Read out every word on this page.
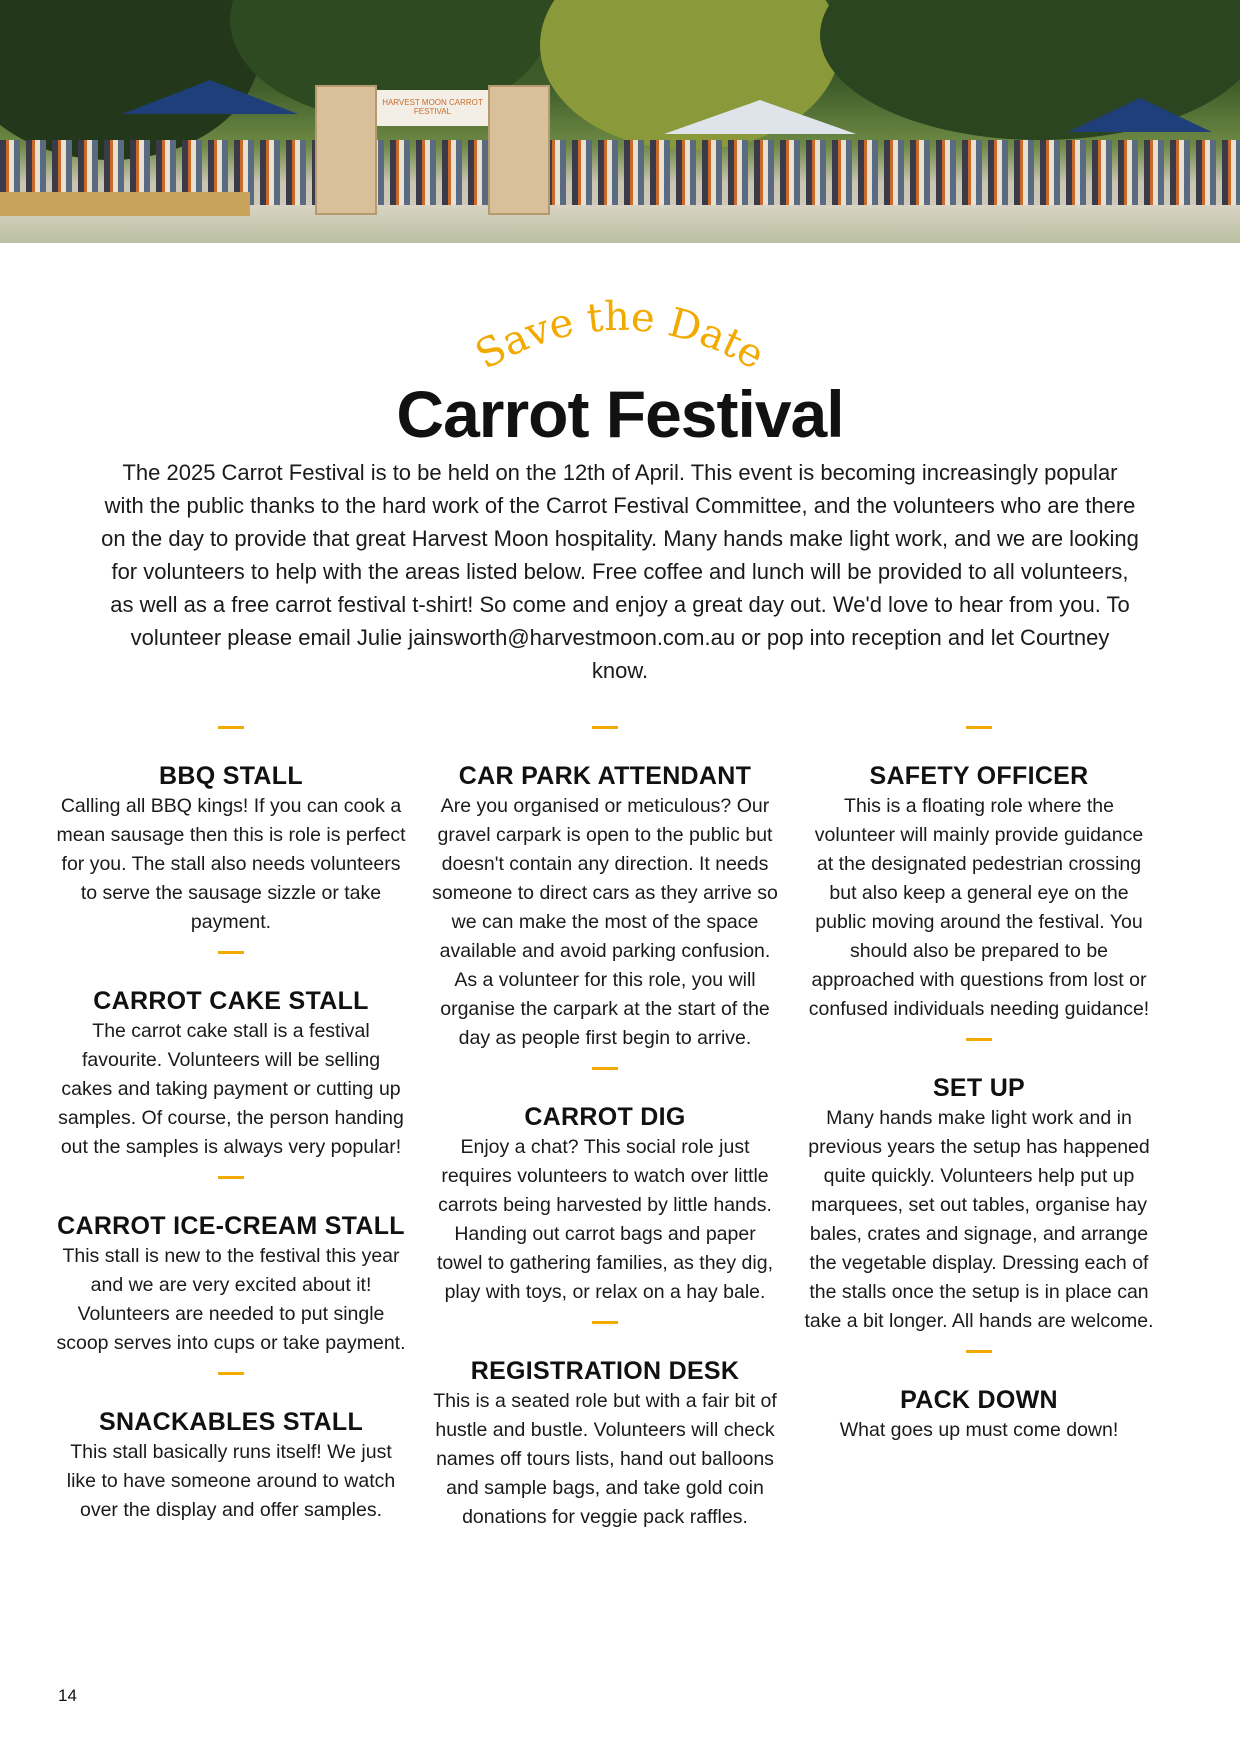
HARVEST MOON CARROT FESTIVAL
Save the Date
Carrot Festival

The 2025 Carrot Festival is to be held on the 12th of April. This event is becoming increasingly popular with the public thanks to the hard work of the Carrot Festival Committee, and the volunteers who are there on the day to provide that great Harvest Moon hospitality. Many hands make light work, and we are looking for volunteers to help with the areas listed below. Free coffee and lunch will be provided to all volunteers, as well as a free carrot festival t-shirt! So come and enjoy a great day out. We'd love to hear from you. To volunteer please email Julie jainsworth@harvestmoon.com.au or pop into reception and let Courtney know.

BBQ STALL

Calling all BBQ kings! If you can cook a mean sausage then this is role is perfect for you. The stall also needs volunteers to serve the sausage sizzle or take payment.

CARROT CAKE STALL

The carrot cake stall is a festival favourite. Volunteers will be selling cakes and taking payment or cutting up samples. Of course, the person handing out the samples is always very popular!

CARROT ICE-CREAM STALL

This stall is new to the festival this year and we are very excited about it! Volunteers are needed to put single scoop serves into cups or take payment.

SNACKABLES STALL

This stall basically runs itself! We just like to have someone around to watch over the display and offer samples.

CAR PARK ATTENDANT

Are you organised or meticulous? Our gravel carpark is open to the public but doesn't contain any direction. It needs someone to direct cars as they arrive so we can make the most of the space available and avoid parking confusion. As a volunteer for this role, you will organise the carpark at the start of the day as people first begin to arrive.

CARROT DIG

Enjoy a chat? This social role just requires volunteers to watch over little carrots being harvested by little hands. Handing out carrot bags and paper towel to gathering families, as they dig, play with toys, or relax on a hay bale.

REGISTRATION DESK

This is a seated role but with a fair bit of hustle and bustle. Volunteers will check names off tours lists, hand out balloons and sample bags, and take gold coin donations for veggie pack raffles.

SAFETY OFFICER

This is a floating role where the volunteer will mainly provide guidance at the designated pedestrian crossing but also keep a general eye on the public moving around the festival. You should also be prepared to be approached with questions from lost or confused individuals needing guidance!

SET UP

Many hands make light work and in previous years the setup has happened quite quickly. Volunteers help put up marquees, set out tables, organise hay bales, crates and signage, and arrange the vegetable display. Dressing each of the stalls once the setup is in place can take a bit longer. All hands are welcome.

PACK DOWN

What goes up must come down!

14
